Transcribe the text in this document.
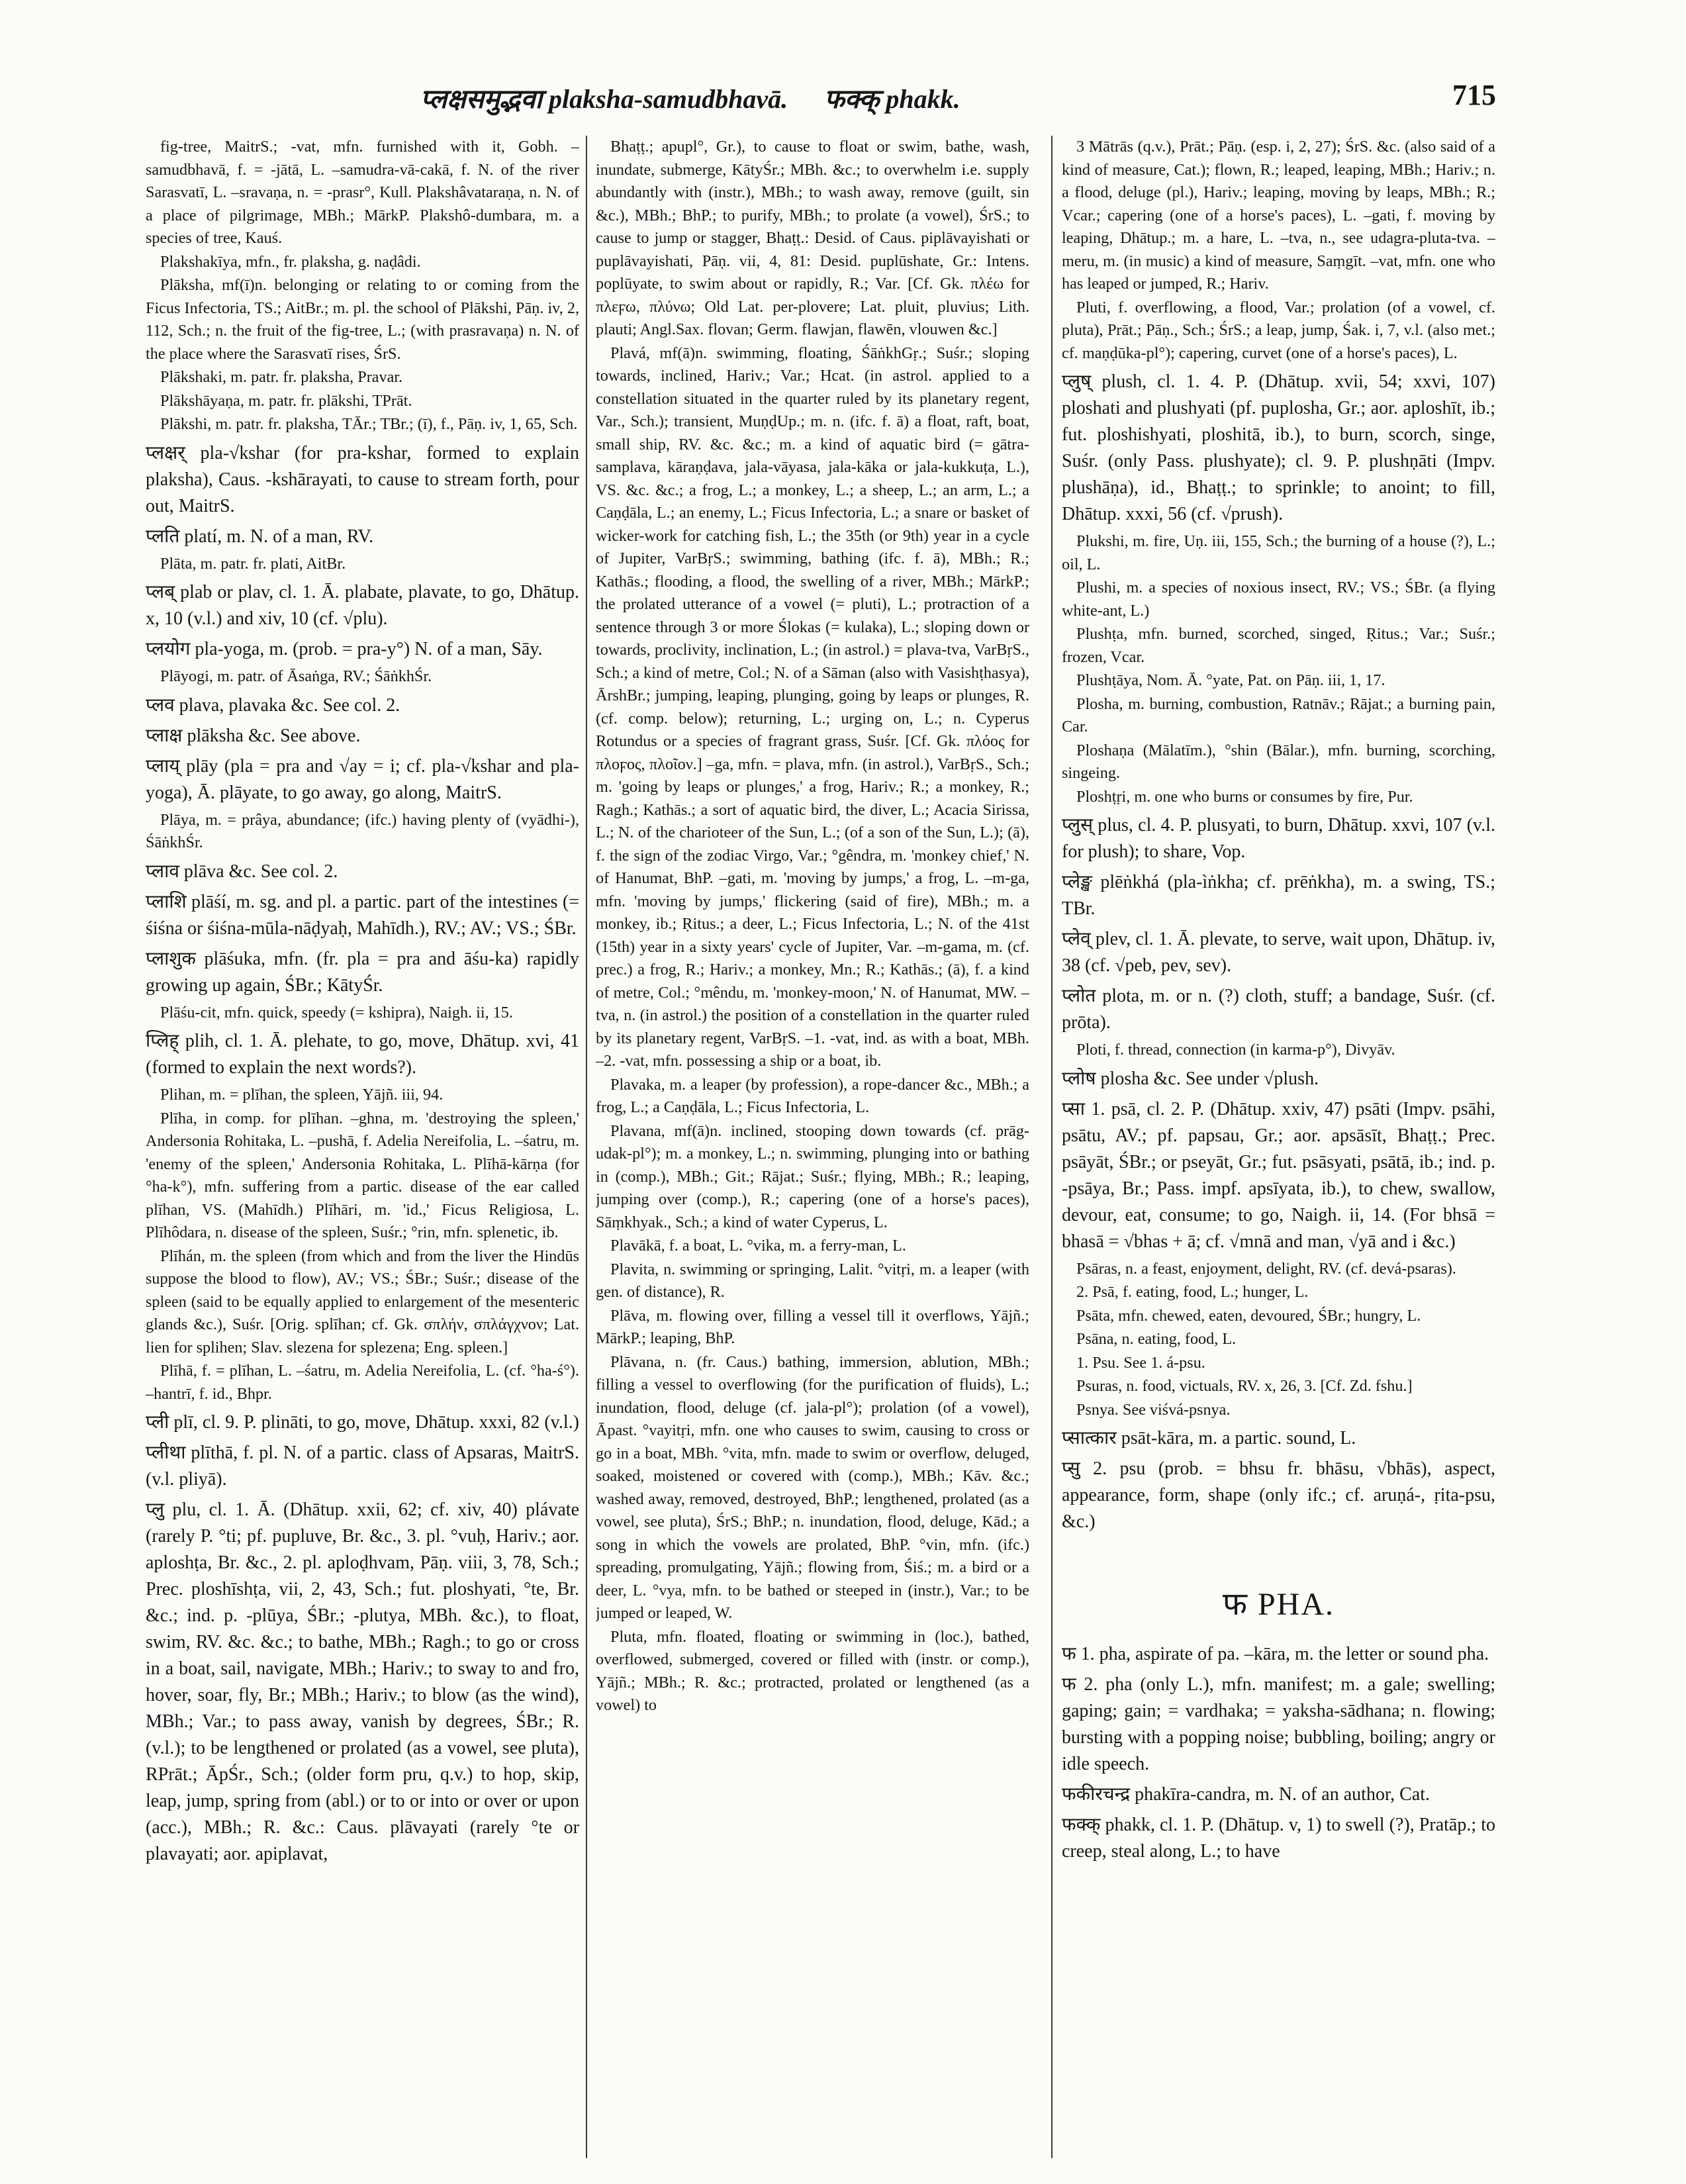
प्लक्षसमुद्भवा plaksha-samudbhavā. फक्क् phakk.	715
fig-tree, MaitrS.; -vat, mfn. furnished with it, Gobh. –samudbhavā, f. = -jātā, L. –samudra-vā-cakā, f. N. of the river Sarasvatī, L. –sravaṇa, n. = -prasr°, Kull. Plakshâvataraṇa, n. N. of a place of pilgrimage, MBh.; MārkP. Plakshô-dumbara, m. a species of tree, Kauś.
Plakshakīya, mfn., fr. plaksha, g. naḍâdi.
Plāksha, mf(ī)n. belonging or relating to or coming from the Ficus Infectoria, TS.; AitBr.; m. pl. the school of Plākshi, Pāṇ. iv, 2, 112, Sch.; n. the fruit of the fig-tree, L.; (with prasravaṇa) n. N. of the place where the Sarasvatī rises, ŚrS.
Plākshaki, m. patr. fr. plaksha, Pravar.
Plākshāyaṇa, m. patr. fr. plākshi, TPrāt.
Plākshi, m. patr. fr. plaksha, TĀr.; TBr.; (ī), f., Pāṇ. iv, 1, 65, Sch.
प्लक्षर् pla-√kshar (for pra-kshar, formed to explain plaksha), Caus. -kshārayati, to cause to stream forth, pour out, MaitrS.
प्लति platí, m. N. of a man, RV.
Plāta, m. patr. fr. plati, AitBr.
प्लब् plab or plav, cl. 1. Ā. plabate, plavate, to go, Dhātup. x, 10 (v.l.) and xiv, 10 (cf. √plu).
प्लयोग pla-yoga, m. (prob. = pra-y°) N. of a man, Sāy.
Plāyogi, m. patr. of Āsaṅga, RV.; ŚāṅkhŚr.
प्लव plava, plavaka &c. See col. 2.
प्लाक्ष plāksha &c. See above.
प्लाय् plāy (pla = pra and √ay = i; cf. pla-√kshar and pla-yoga), Ā. plāyate, to go away, go along, MaitrS.
Plāya, m. = prâya, abundance; (ifc.) having plenty of (vyādhi-), ŚāṅkhŚr.
प्लाव plāva &c. See col. 2.
प्लाशि plāśí, m. sg. and pl. a partic. part of the intestines (= śiśna or śiśna-mūla-nāḍyaḥ, Mahīdh.), RV.; AV.; VS.; ŚBr.
प्लाशुक plāśuka, mfn. (fr. pla = pra and āśu-ka) rapidly growing up again, ŚBr.; KātyŚr.
Plāśu-cit, mfn. quick, speedy (= kshipra), Naigh. ii, 15.
प्लिह् plih, cl. 1. Ā. plehate, to go, move, Dhātup. xvi, 41 (formed to explain the next words?).
Plihan, m. = plīhan, the spleen, Yājñ. iii, 94.
Plīha, in comp. for plīhan. –ghna, m. 'destroying the spleen,' Andersonia Rohitaka, L. –pushā, f. Adelia Nereifolia, L. –śatru, m. 'enemy of the spleen,' Andersonia Rohitaka, L. Plīhā-kārṇa (for °ha-k°), mfn. suffering from a partic. disease of the ear called plīhan, VS. (Mahīdh.) Plīhāri, m. 'id.,' Ficus Religiosa, L. Plīhôdara, n. disease of the spleen, Suśr.; °rin, mfn. splenetic, ib.
Plīhán, m. the spleen (from which and from the liver the Hindūs suppose the blood to flow), AV.; VS.; ŚBr.; Suśr.; disease of the spleen (said to be equally applied to enlargement of the mesenteric glands &c.), Suśr. [Orig. splīhan; cf. Gk. σπλήν, σπλάγχνον; Lat. lien for splihen; Slav. slezena for splezena; Eng. spleen.]
Plīhā, f. = plīhan, L. –śatru, m. Adelia Nereifolia, L. (cf. °ha-ś°). –hantrī, f. id., Bhpr.
प्ली plī, cl. 9. P. plināti, to go, move, Dhātup. xxxi, 82 (v.l.)
प्लीथा plīthā, f. pl. N. of a partic. class of Apsaras, MaitrS. (v.l. pliyā).
प्लु plu, cl. 1. Ā. (Dhātup. xxii, 62; cf. xiv, 40) plávate (rarely P. °ti; pf. pupluve, Br. &c., 3. pl. °vuḥ, Hariv.; aor. aploshṭa, Br. &c., 2. pl. aploḍhvam, Pāṇ. viii, 3, 78, Sch.; Prec. ploshīshṭa, vii, 2, 43, Sch.; fut. ploshyati, °te, Br. &c.; ind. p. -plūya, ŚBr.; -plutya, MBh. &c.), to float, swim, RV. &c. &c.; to bathe, MBh.; Ragh.; to go or cross in a boat, sail, navigate, MBh.; Hariv.; to sway to and fro, hover, soar, fly, Br.; MBh.; Hariv.; to blow (as the wind), MBh.; Var.; to pass away, vanish by degrees, ŚBr.; R. (v.l.); to be lengthened or prolated (as a vowel, see pluta), RPrāt.; ĀpŚr., Sch.; (older form pru, q.v.) to hop, skip, leap, jump, spring from (abl.) or to or into or over or upon (acc.), MBh.; R. &c.: Caus. plāvayati (rarely °te or plavayati; aor. apiplavat,
Bhaṭṭ.; apupl°, Gr.), to cause to float or swim, bathe, wash, inundate, submerge, KātyŚr.; MBh. &c.; to overwhelm i.e. supply abundantly with (instr.), MBh.; to wash away, remove (guilt, sin &c.), MBh.; BhP.; to purify, MBh.; to prolate (a vowel), ŚrS.; to cause to jump or stagger, Bhaṭṭ.: Desid. of Caus. piplāvayishati or puplāvayishati, Pāṇ. vii, 4, 81: Desid. puplūshate, Gr.: Intens. poplūyate, to swim about or rapidly, R.; Var. [Cf. Gk. πλέω for πλεϝω, πλύνω; Old Lat. per-plovere; Lat. pluit, pluvius; Lith. plauti; Angl.Sax. flovan; Germ. flawjan, flawēn, vlouwen &c.]
Plavá, mf(ā)n. swimming, floating, ŚāṅkhGṛ.; Suśr.; sloping towards, inclined, Hariv.; Var.; Hcat. (in astrol. applied to a constellation situated in the quarter ruled by its planetary regent, Var., Sch.); transient, MuṇḍUp.; m. n. (ifc. f. ā) a float, raft, boat, small ship, RV. &c. &c.; m. a kind of aquatic bird (= gātra-samplava, kāraṇḍava, jala-vāyasa, jala-kāka or jala-kukkuṭa, L.), VS. &c. &c.; a frog, L.; a monkey, L.; a sheep, L.; an arm, L.; a Caṇḍāla, L.; an enemy, L.; Ficus Infectoria, L.; a snare or basket of wicker-work for catching fish, L.; the 35th (or 9th) year in a cycle of Jupiter, VarBṛS.; swimming, bathing (ifc. f. ā), MBh.; R.; Kathās.; flooding, a flood, the swelling of a river, MBh.; MārkP.; the prolated utterance of a vowel (= pluti), L.; protraction of a sentence through 3 or more Ślokas (= kulaka), L.; sloping down or towards, proclivity, inclination, L.; (in astrol.) = plava-tva, VarBṛS., Sch.; a kind of metre, Col.; N. of a Sāman (also with Vasishṭhasya), ĀrshBr.; jumping, leaping, plunging, going by leaps or plunges, R. (cf. comp. below); returning, L.; urging on, L.; n. Cyperus Rotundus or a species of fragrant grass, Suśr. [Cf. Gk. πλόος for πλοϝος, πλοῖον.] –ga, mfn. = plava, mfn. (in astrol.), VarBṛS., Sch.; m. 'going by leaps or plunges,' a frog, Hariv.; R.; a monkey, R.; Ragh.; Kathās.; a sort of aquatic bird, the diver, L.; Acacia Sirissa, L.; N. of the charioteer of the Sun, L.; (of a son of the Sun, L.); (ā), f. the sign of the zodiac Virgo, Var.; °gêndra, m. 'monkey chief,' N. of Hanumat, BhP. –gati, m. 'moving by jumps,' a frog, L. –m-ga, mfn. 'moving by jumps,' flickering (said of fire), MBh.; m. a monkey, ib.; Ṛitus.; a deer, L.; Ficus Infectoria, L.; N. of the 41st (15th) year in a sixty years' cycle of Jupiter, Var. –m-gama, m. (cf. prec.) a frog, R.; Hariv.; a monkey, Mn.; R.; Kathās.; (ā), f. a kind of metre, Col.; °mêndu, m. 'monkey-moon,' N. of Hanumat, MW. –tva, n. (in astrol.) the position of a constellation in the quarter ruled by its planetary regent, VarBṛS. –1. -vat, ind. as with a boat, MBh. –2. -vat, mfn. possessing a ship or a boat, ib.
Plavaka, m. a leaper (by profession), a rope-dancer &c., MBh.; a frog, L.; a Caṇḍāla, L.; Ficus Infectoria, L.
Plavana, mf(ā)n. inclined, stooping down towards (cf. prāg-udak-pl°); m. a monkey, L.; n. swimming, plunging into or bathing in (comp.), MBh.; Git.; Rājat.; Suśr.; flying, MBh.; R.; leaping, jumping over (comp.), R.; capering (one of a horse's paces), Sāṃkhyak., Sch.; a kind of water Cyperus, L.
Plavākā, f. a boat, L. °vika, m. a ferry-man, L.
Plavita, n. swimming or springing, Lalit. °vitṛi, m. a leaper (with gen. of distance), R.
Plāva, m. flowing over, filling a vessel till it overflows, Yājñ.; MārkP.; leaping, BhP.
Plāvana, n. (fr. Caus.) bathing, immersion, ablution, MBh.; filling a vessel to overflowing (for the purification of fluids), L.; inundation, flood, deluge (cf. jala-pl°); prolation (of a vowel), Āpast. °vayitṛi, mfn. one who causes to swim, causing to cross or go in a boat, MBh. °vita, mfn. made to swim or overflow, deluged, soaked, moistened or covered with (comp.), MBh.; Kāv. &c.; washed away, removed, destroyed, BhP.; lengthened, prolated (as a vowel, see pluta), ŚrS.; BhP.; n. inundation, flood, deluge, Kād.; a song in which the vowels are prolated, BhP. °vin, mfn. (ifc.) spreading, promulgating, Yājñ.; flowing from, Śiś.; m. a bird or a deer, L. °vya, mfn. to be bathed or steeped in (instr.), Var.; to be jumped or leaped, W.
Pluta, mfn. floated, floating or swimming in (loc.), bathed, overflowed, submerged, covered or filled with (instr. or comp.), Yājñ.; MBh.; R. &c.; protracted, prolated or lengthened (as a vowel) to
3 Mātrās (q.v.), Prāt.; Pāṇ. (esp. i, 2, 27); ŚrS. &c. (also said of a kind of measure, Cat.); flown, R.; leaped, leaping, MBh.; Hariv.; n. a flood, deluge (pl.), Hariv.; leaping, moving by leaps, MBh.; R.; Vcar.; capering (one of a horse's paces), L. –gati, f. moving by leaping, Dhātup.; m. a hare, L. –tva, n., see udagra-pluta-tva. –meru, m. (in music) a kind of measure, Saṃgīt. –vat, mfn. one who has leaped or jumped, R.; Hariv.
Pluti, f. overflowing, a flood, Var.; prolation (of a vowel, cf. pluta), Prāt.; Pāṇ., Sch.; ŚrS.; a leap, jump, Śak. i, 7, v.l. (also met.; cf. maṇḍūka-pl°); capering, curvet (one of a horse's paces), L.
प्लुष् plush, cl. 1. 4. P. (Dhātup. xvii, 54; xxvi, 107) ploshati and plushyati (pf. puplosha, Gr.; aor. aploshīt, ib.; fut. ploshishyati, ploshitā, ib.), to burn, scorch, singe, Suśr. (only Pass. plushyate); cl. 9. P. plushṇāti (Impv. plushāṇa), id., Bhaṭṭ.; to sprinkle; to anoint; to fill, Dhātup. xxxi, 56 (cf. √prush).
Plukshi, m. fire, Uṇ. iii, 155, Sch.; the burning of a house (?), L.; oil, L.
Plushi, m. a species of noxious insect, RV.; VS.; ŚBr. (a flying white-ant, L.)
Plushṭa, mfn. burned, scorched, singed, Ṛitus.; Var.; Suśr.; frozen, Vcar.
Plushṭāya, Nom. Ā. °yate, Pat. on Pāṇ. iii, 1, 17.
Plosha, m. burning, combustion, Ratnāv.; Rājat.; a burning pain, Car.
Ploshaṇa (Mālatīm.), °shin (Bālar.), mfn. burning, scorching, singeing.
Ploshṭṛi, m. one who burns or consumes by fire, Pur.
प्लुस् plus, cl. 4. P. plusyati, to burn, Dhātup. xxvi, 107 (v.l. for plush); to share, Vop.
प्लेङ्ख plēṅkhá (pla-ìṅkha; cf. prēṅkha), m. a swing, TS.; TBr.
प्लेव् plev, cl. 1. Ā. plevate, to serve, wait upon, Dhātup. iv, 38 (cf. √peb, pev, sev).
प्लोत plota, m. or n. (?) cloth, stuff; a bandage, Suśr. (cf. prōta).
Ploti, f. thread, connection (in karma-p°), Divyāv.
प्लोष plosha &c. See under √plush.
प्सा 1. psā, cl. 2. P. (Dhātup. xxiv, 47) psāti (Impv. psāhi, psātu, AV.; pf. papsau, Gr.; aor. apsāsīt, Bhaṭṭ.; Prec. psāyāt, ŚBr.; or pseyāt, Gr.; fut. psāsyati, psātā, ib.; ind. p. -psāya, Br.; Pass. impf. apsīyata, ib.), to chew, swallow, devour, eat, consume; to go, Naigh. ii, 14. (For bhsā = bhasā = √bhas + ā; cf. √mnā and man, √yā and i &c.)
Psāras, n. a feast, enjoyment, delight, RV. (cf. devá-psaras).
2. Psā, f. eating, food, L.; hunger, L.
Psāta, mfn. chewed, eaten, devoured, ŚBr.; hungry, L.
Psāna, n. eating, food, L.
1. Psu. See 1. á-psu.
Psuras, n. food, victuals, RV. x, 26, 3. [Cf. Zd. fshu.]
Psnya. See viśvá-psnya.
प्सात्कार psāt-kāra, m. a partic. sound, L.
प्सु 2. psu (prob. = bhsu fr. bhāsu, √bhās), aspect, appearance, form, shape (only ifc.; cf. aruṇá-, ṛita-psu, &c.)
फ PHA.
फ 1. pha, aspirate of pa. –kāra, m. the letter or sound pha.
फ 2. pha (only L.), mfn. manifest; m. a gale; swelling; gaping; gain; = vardhaka; = yaksha-sādhana; n. flowing; bursting with a popping noise; bubbling, boiling; angry or idle speech.
फकीरचन्द्र phakīra-candra, m. N. of an author, Cat.
फक्क् phakk, cl. 1. P. (Dhātup. v, 1) to swell (?), Pratāp.; to creep, steal along, L.; to have
